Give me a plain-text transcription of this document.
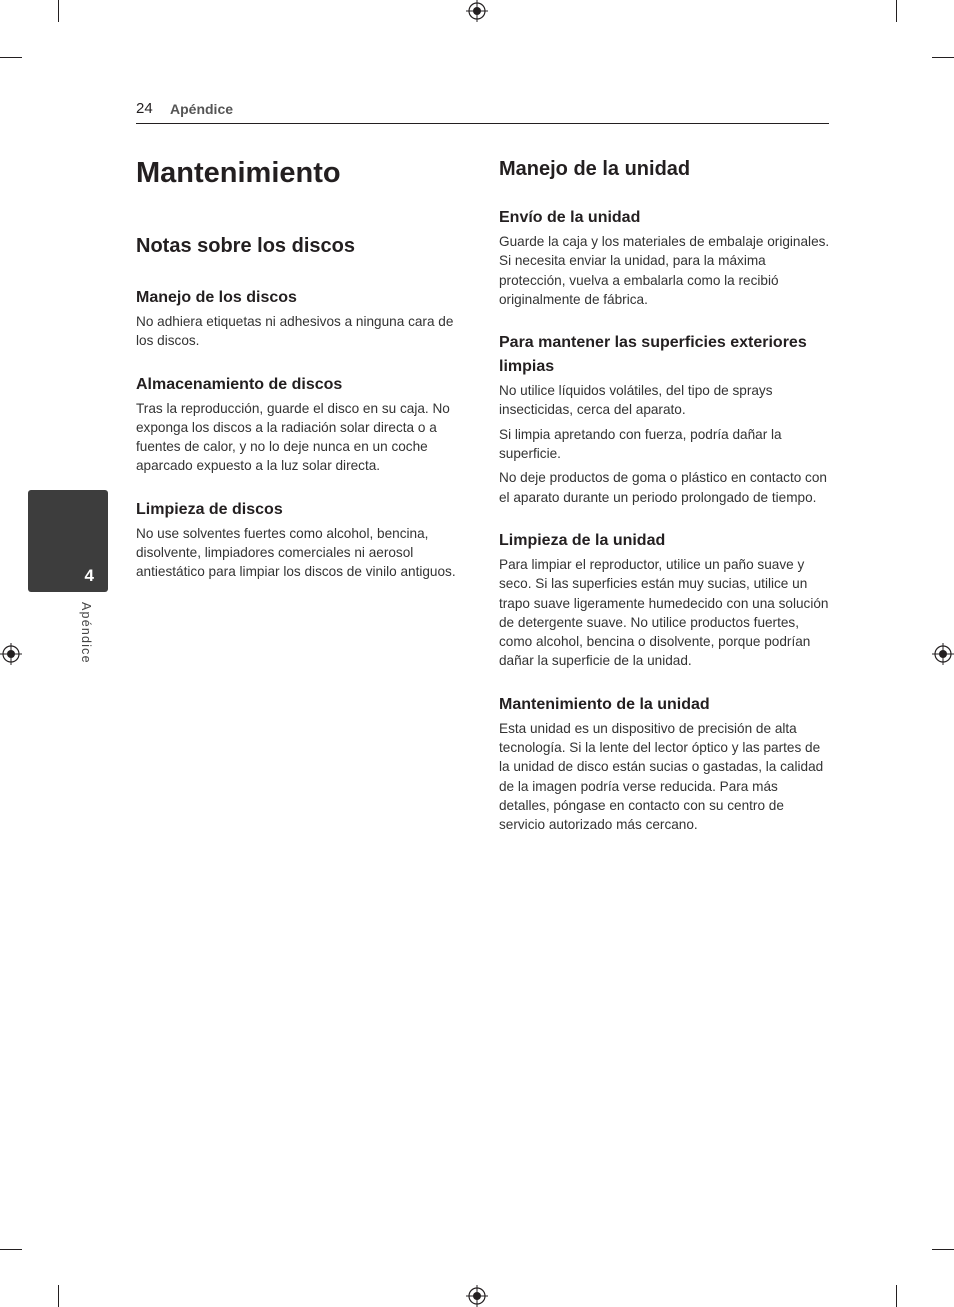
24 Apéndice
4
Apéndice
Mantenimiento
Notas sobre los discos
Manejo de los discos

No adhiera etiquetas ni adhesivos a ninguna cara de los discos.

Almacenamiento de discos

Tras la reproducción, guarde el disco en su caja. No exponga los discos a la radiación solar directa o a fuentes de calor, y no lo deje nunca en un coche aparcado expuesto a la luz solar directa.

Limpieza de discos

No use solventes fuertes como alcohol, bencina, disolvente, limpiadores comerciales ni aerosol antiestático para limpiar los discos de vinilo antiguos.

Manejo de la unidad
Envío de la unidad

Guarde la caja y los materiales de embalaje originales. Si necesita enviar la unidad, para la máxima protección, vuelva a embalarla como la recibió originalmente de fábrica.

Para mantener las superficies exteriores limpias

No utilice líquidos volátiles, del tipo de sprays insecticidas, cerca del aparato.

Si limpia apretando con fuerza, podría dañar la superficie.

No deje productos de goma o plástico en contacto con el aparato durante un periodo prolongado de tiempo.

Limpieza de la unidad

Para limpiar el reproductor, utilice un paño suave y seco. Si las superficies están muy sucias, utilice un trapo suave ligeramente humedecido con una solución de detergente suave. No utilice productos fuertes, como alcohol, bencina o disolvente, porque podrían dañar la superficie de la unidad.

Mantenimiento de la unidad

Esta unidad es un dispositivo de precisión de alta tecnología. Si la lente del lector óptico y las partes de la unidad de disco están sucias o gastadas, la calidad de la imagen podría verse reducida. Para más detalles, póngase en contacto con su centro de servicio autorizado más cercano.
